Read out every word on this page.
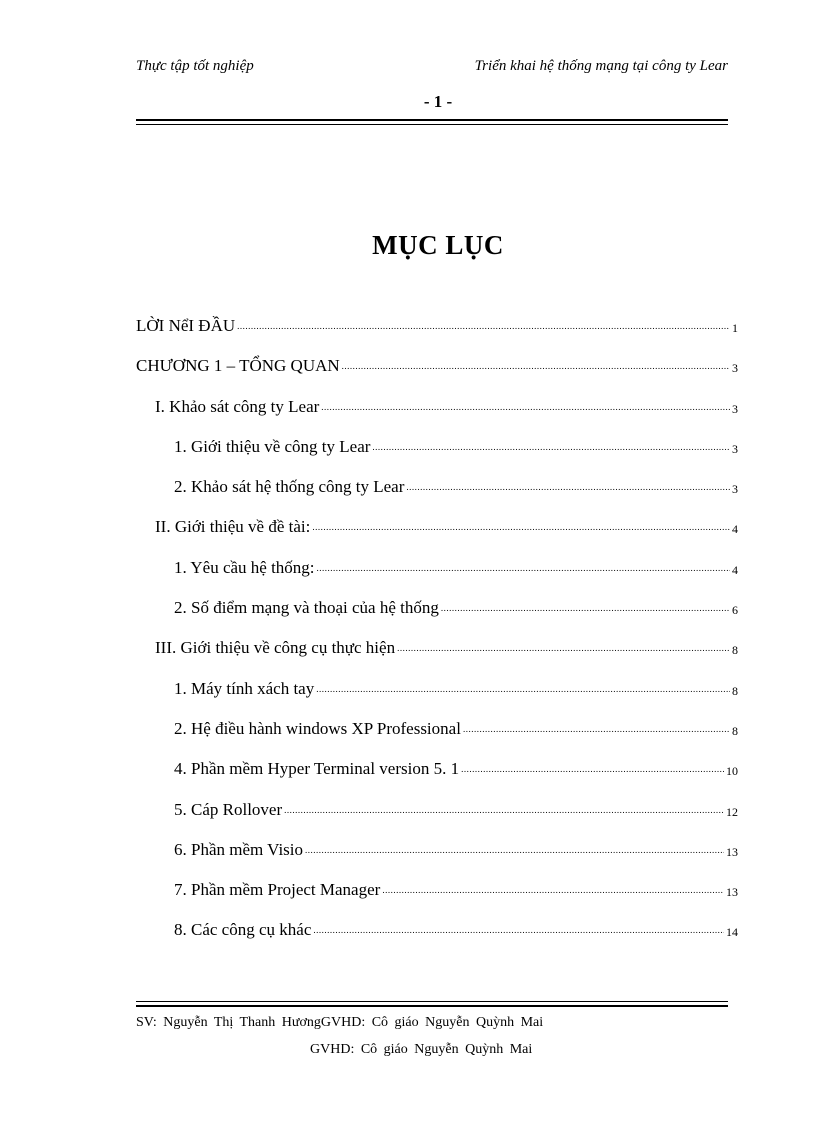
Thực tập tốt nghiệp	Triển khai hệ thống mạng tại công ty Lear
- 1 -
MỤC LỤC
LỜI NểI ĐẦU .....	1
CHƯƠNG 1 – TỔNG QUAN .....	3
I. Khảo sát công ty Lear .....	3
1. Giới thiệu về công ty Lear .....	3
2. Khảo sát hệ thống công ty Lear .....	3
II. Giới thiệu về đề tài: .....	4
1. Yêu cầu hệ thống: .....	4
2. Số điểm mạng và thoại của hệ thống .....	6
III. Giới thiệu về công cụ thực hiện .....	8
1. Máy tính xách tay .....	8
2. Hệ điều hành windows XP Professional .....	8
4. Phần mềm Hyper Terminal version 5. 1 .....	10
5. Cáp Rollover .....	12
6. Phần mềm Visio .....	13
7. Phần mềm Project Manager .....	13
8. Các công cụ khác .....	14
SV: Nguyễn Thị Thanh HươngGVHD: Cô giáo Nguyễn Quỳnh Mai
GVHD: Cô giáo Nguyễn Quỳnh Mai
